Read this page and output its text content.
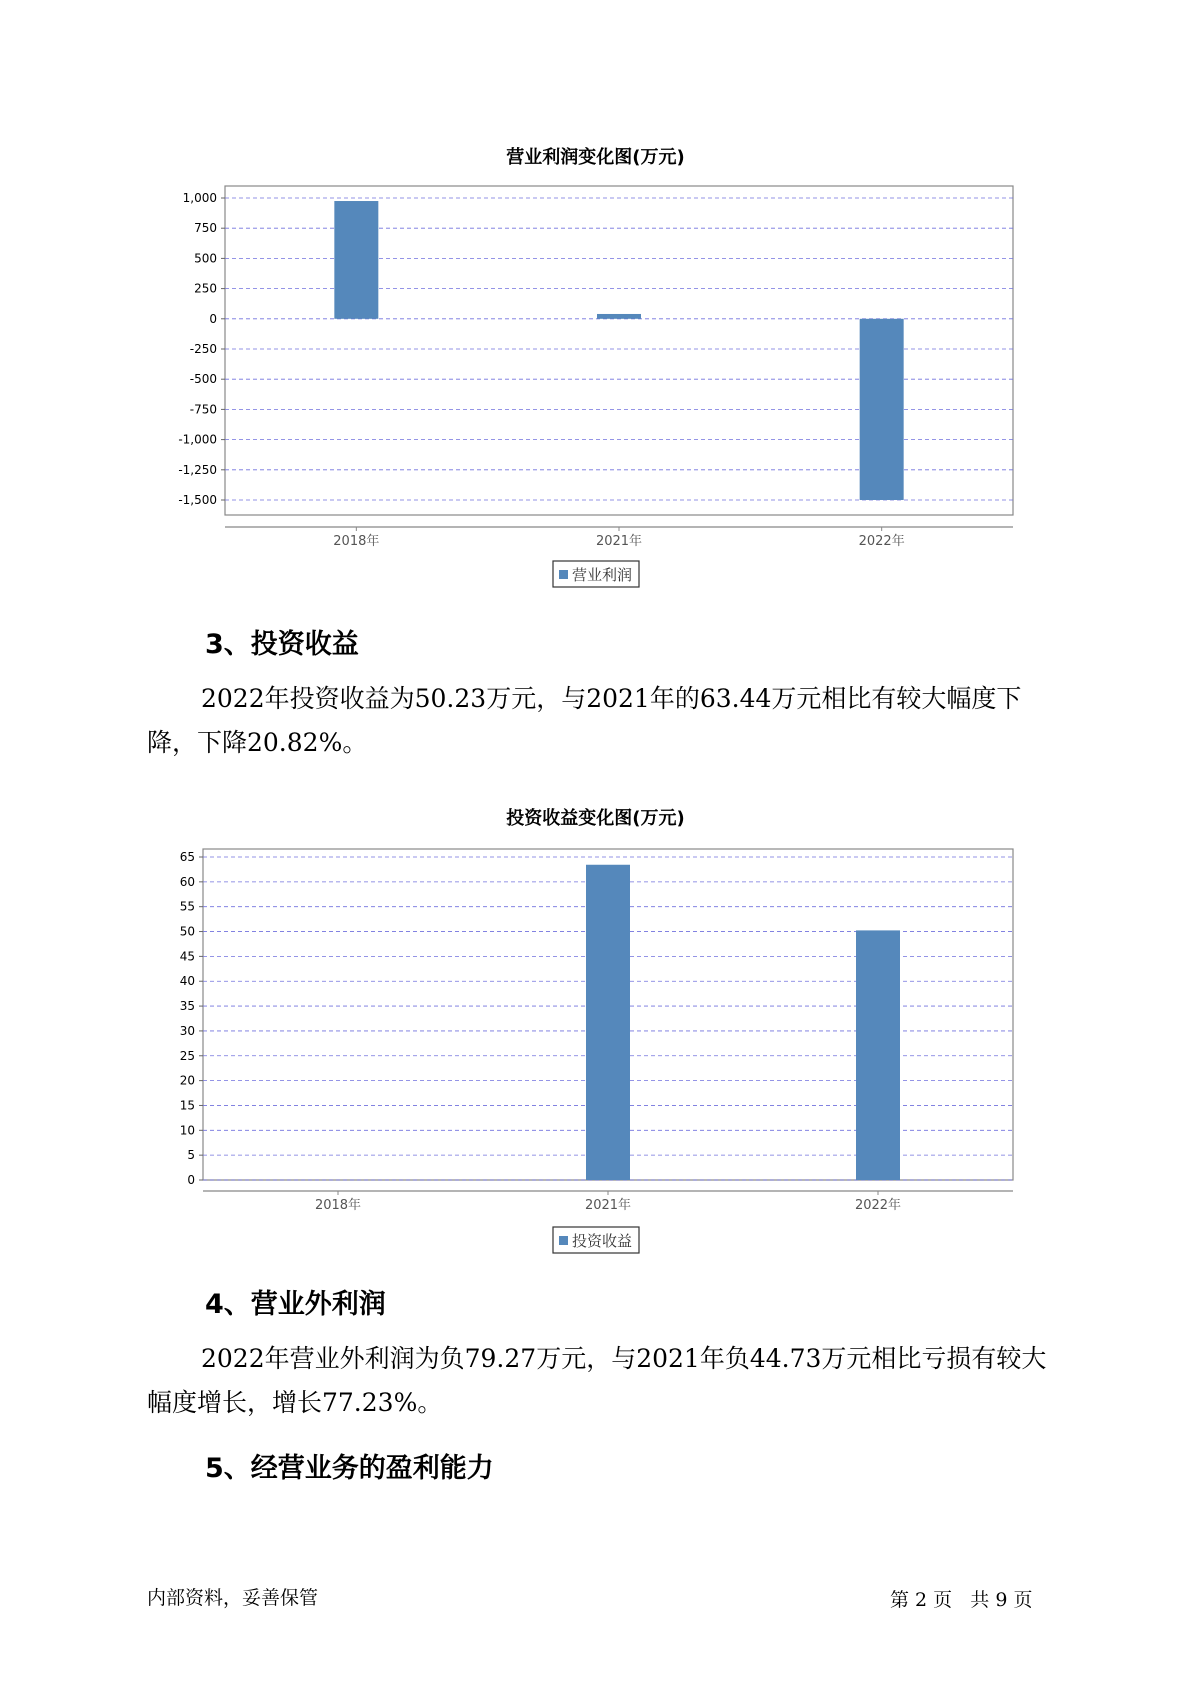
营业利润变化图(万元)
1,000
750
500
250
0
-250
-500
-750
-1,000
-1,250
-1,500
2018年	2021年	2022年
营业利润
3、投资收益
2022年投资收益为50.23万元，与2021年的63.44万元相比有较大幅度下降，下降20.82%。
投资收益变化图(万元)
65
60
55
50
45
40
35
30
25
20
15
10
5
0
2018年	2021年	2022年
投资收益
4、营业外利润
2022年营业外利润为负79.27万元，与2021年负44.73万元相比亏损有较大幅度增长，增长77.23%。
5、经营业务的盈利能力
内部资料，妥善保管	第 2 页   共 9 页
